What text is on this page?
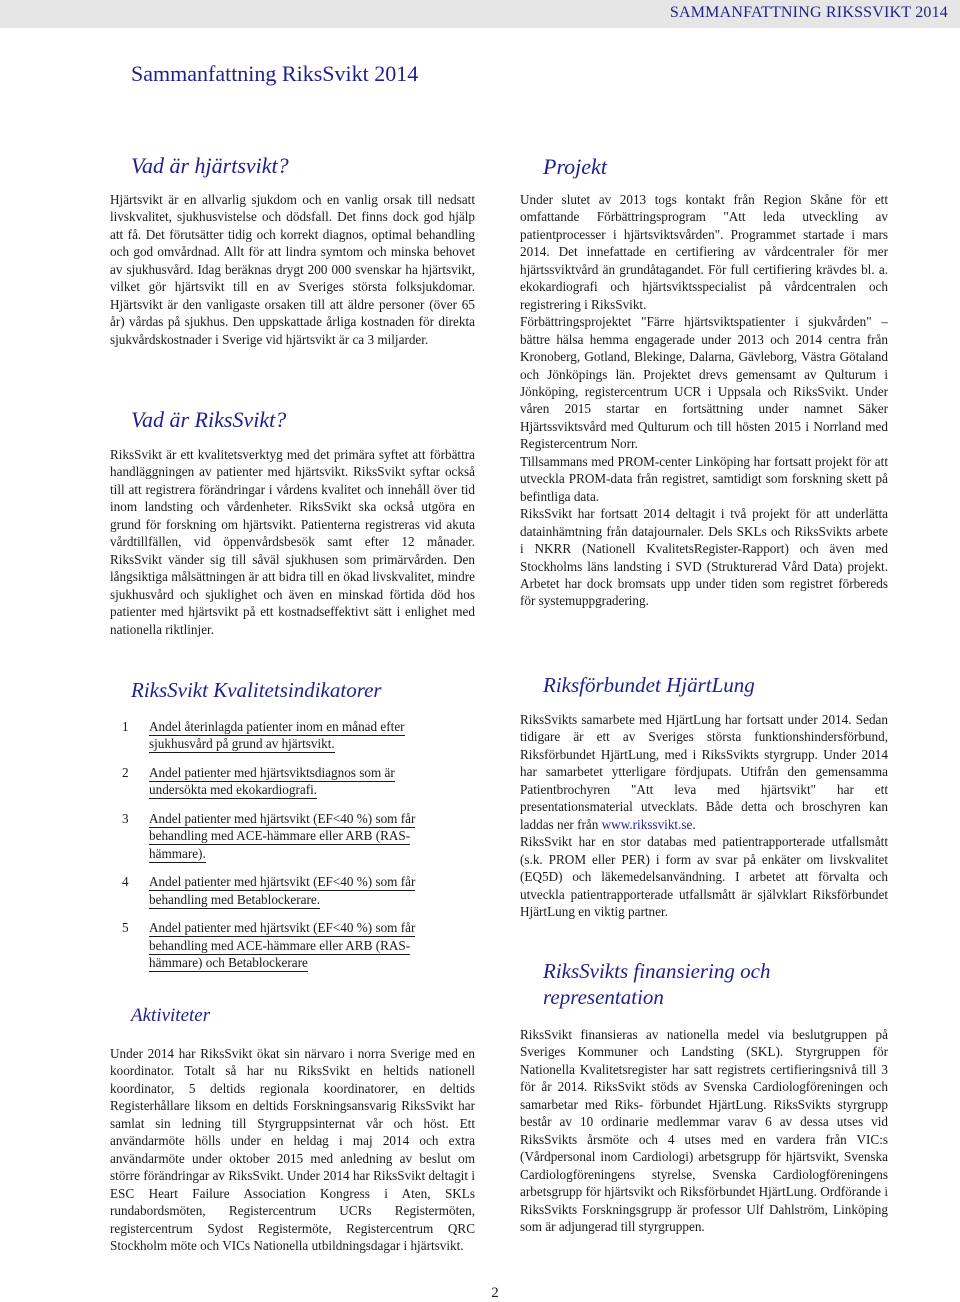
SAMMANFATTNING RIKSSVIKT 2014
Sammanfattning RiksSvikt 2014
Vad är hjärtsvikt?

Hjärtsvikt är en allvarlig sjukdom och en vanlig orsak till nedsatt livskvalitet, sjukhusvistelse och dödsfall. Det finns dock god hjälp att få. Det förutsätter tidig och korrekt diagnos, optimal behandling och god omvårdnad. Allt för att lindra symtom och minska behovet av sjukhusvård. Idag beräknas drygt 200 000 svenskar ha hjärtsvikt, vilket gör hjärtsvikt till en av Sveriges största folksjukdomar. Hjärtsvikt är den vanligaste orsaken till att äldre personer (över 65 år) vårdas på sjukhus. Den uppskattade årliga kostnaden för direkta sjukvårdskostnader i Sverige vid hjärtsvikt är ca 3 miljarder.

Vad är RiksSvikt?

RiksSvikt är ett kvalitetsverktyg med det primära syftet att förbättra handläggningen av patienter med hjärtsvikt. RiksSvikt syftar också till att registrera förändringar i vårdens kvalitet och innehåll över tid inom landsting och vårdenheter. RiksSvikt ska också utgöra en grund för forskning om hjärtsvikt. Patienterna registreras vid akuta vårdtillfällen, vid öppenvårdsbesök samt efter 12 månader. RiksSvikt vänder sig till såväl sjukhusen som primärvården. Den långsiktiga målsättningen är att bidra till en ökad livskvalitet, mindre sjukhusvård och sjuklighet och även en minskad förtida död hos patienter med hjärtsvikt på ett kostnadseffektivt sätt i enlighet med nationella riktlinjer.

Projekt

Under slutet av 2013 togs kontakt från Region Skåne för ett omfattande Förbättringsprogram "Att leda utveckling av patientprocesser i hjärtsviktsvården". Programmet startade i mars 2014. Det innefattade en certifiering av vårdcentraler för mer hjärtssviktvård än grundåtagandet. För full certifiering krävdes bl. a. ekokardiografi och hjärtsviktsspecialist på vårdcentralen och registrering i RiksSvikt.

Förbättringsprojektet "Färre hjärtsviktspatienter i sjukvården" – bättre hälsa hemma engagerade under 2013 och 2014 centra från Kronoberg, Gotland, Blekinge, Dalarna, Gävleborg, Västra Götaland och Jönköpings län. Projektet drevs gemensamt av Qulturum i Jönköping, registercentrum UCR i Uppsala och RiksSvikt. Under våren 2015 startar en fortsättning under namnet Säker Hjärtssviktsvård med Qulturum och till hösten 2015 i Norrland med Registercentrum Norr.

Tillsammans med PROM-center Linköping har fortsatt projekt för att utveckla PROM-data från registret, samtidigt som forskning skett på befintliga data.

RiksSvikt har fortsatt 2014 deltagit i två projekt för att underlätta datainhämtning från datajournaler. Dels SKLs och RiksSvikts arbete i NKRR (Nationell KvalitetsRegister-Rapport) och även med Stockholms läns landsting i SVD (Strukturerad Vård Data) projekt. Arbetet har dock bromsats upp under tiden som registret förbereds för systemuppgradering.

RiksSvikt Kvalitetsindikatorer
1 Andel återinlagda patienter inom en månad efter sjukhusvård på grund av hjärtsvikt.
2 Andel patienter med hjärtsviktsdiagnos som är undersökta med ekokardiografi.
3 Andel patienter med hjärtsvikt (EF<40 %) som får behandling med ACE-hämmare eller ARB (RAS-hämmare).
4 Andel patienter med hjärtsvikt (EF<40 %) som får behandling med Betablockerare.
5 Andel patienter med hjärtsvikt (EF<40 %) som får behandling med ACE-hämmare eller ARB (RAS-hämmare) och Betablockerare
Aktiviteter

Under 2014 har RiksSvikt ökat sin närvaro i norra Sverige med en koordinator. Totalt så har nu RiksSvikt en heltids nationell koordinator, 5 deltids regionala koordinatorer, en deltids Registerhållare liksom en deltids Forskningsansvarig RiksSvikt har samlat sin ledning till Styrgruppsinternat vår och höst. Ett användarmöte hölls under en heldag i maj 2014 och extra användarmöte under oktober 2015 med anledning av beslut om större förändringar av RiksSvikt. Under 2014 har RiksSvikt deltagit i ESC Heart Failure Association Kongress i Aten, SKLs rundabordsmöten, Registercentrum UCRs Registermöten, registercentrum Sydost Registermöte, Registercentrum QRC Stockholm möte och VICs Nationella utbildningsdagar i hjärtsvikt.

Riksförbundet HjärtLung

RiksSvikts samarbete med HjärtLung har fortsatt under 2014. Sedan tidigare är ett av Sveriges största funktionshindersförbund, Riksförbundet HjärtLung, med i RiksSvikts styrgrupp. Under 2014 har samarbetet ytterligare fördjupats. Utifrån den gemensamma Patientbrochyren "Att leva med hjärtsvikt" har ett presentationsmaterial utvecklats. Både detta och broschyren kan laddas ner från www.rikssvikt.se.

RiksSvikt har en stor databas med patientrapporterade utfallsmått (s.k. PROM eller PER) i form av svar på enkäter om livskvalitet (EQ5D) och läkemedelsanvändning. I arbetet att förvalta och utveckla patientrapporterade utfallsmått är självklart Riksförbundet HjärtLung en viktig partner.

RiksSvikts finansiering och representation

RiksSvikt finansieras av nationella medel via beslutgruppen på Sveriges Kommuner och Landsting (SKL). Styrgruppen för Nationella Kvalitetsregister har satt registrets certifieringsnivå till 3 för år 2014. RiksSvikt stöds av Svenska Cardiologföreningen och samarbetar med Riks- förbundet HjärtLung. RiksSvikts styrgrupp består av 10 ordinarie medlemmar varav 6 av dessa utses vid RiksSvikts årsmöte och 4 utses med en vardera från VIC:s (Vårdpersonal inom Cardiologi) arbetsgrupp för hjärtsvikt, Svenska Cardiologföreningens styrelse, Svenska Cardiologföreningens arbetsgrupp för hjärtsvikt och Riksförbundet HjärtLung. Ordförande i RiksSvikts Forskningsgrupp är professor Ulf Dahlström, Linköping som är adjungerad till styrgruppen.

2
